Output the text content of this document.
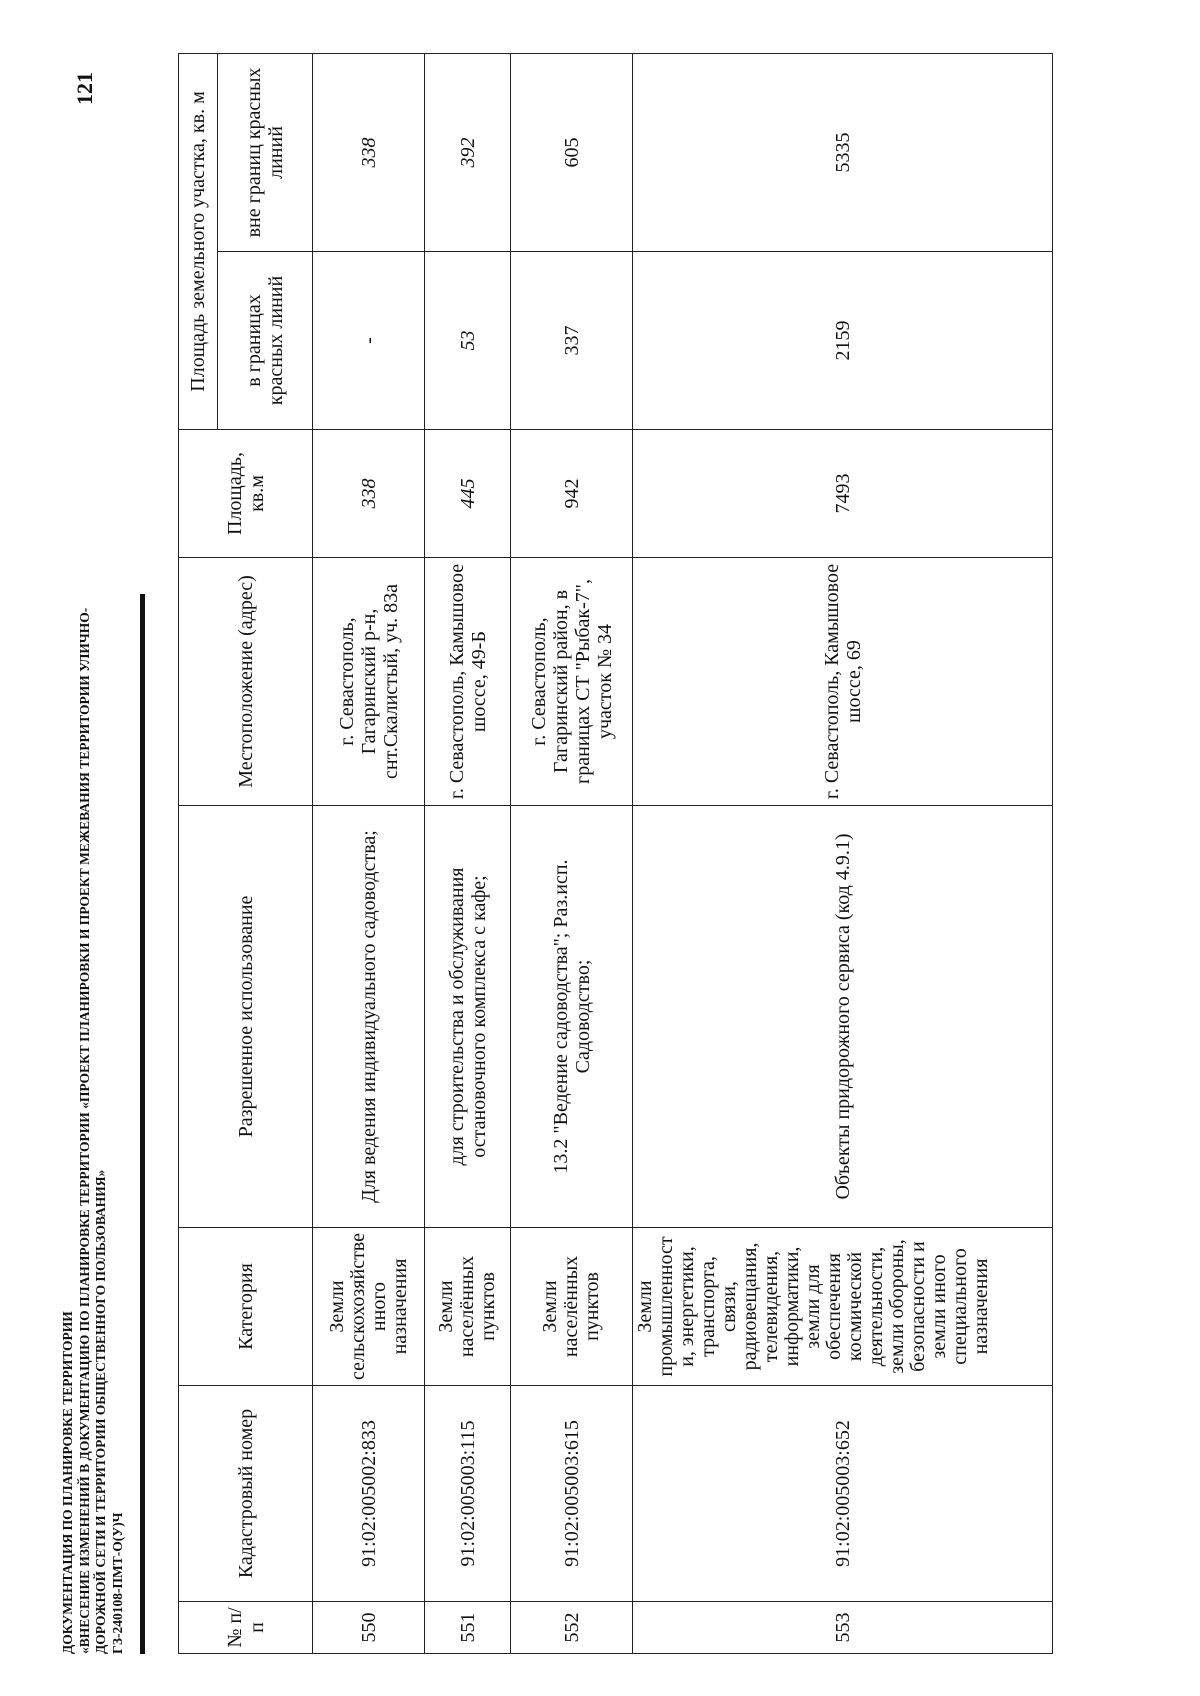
121
ДОКУМЕНТАЦИЯ ПО ПЛАНИРОВКЕ ТЕРРИТОРИИ «ВНЕСЕНИЕ ИЗМЕНЕНИЙ В ДОКУМЕНТАЦИЮ ПО ПЛАНИРОВКЕ ТЕРРИТОРИИ «ПРОЕКТ ПЛАНИРОВКИ И ПРОЕКТ МЕЖЕВАНИЯ ТЕРРИТОРИИ УЛИЧНО- ДОРОЖНОЙ СЕТИ И ТЕРРИТОРИИ ОБЩЕСТВЕННОГО ПОЛЬЗОВАНИЯ» ГЗ-240108-ПМТ-О(У)Ч	№ п/п	Кадастровый номер	Категория	Разрешенное использование	Местоположение (адрес)	Площадь, кв.м	Площадь земельного участка, кв. м	
						в границах красных линий	вне границ красных линий
550	91:02:005002:833	Земли сельскохозяйстве нного назначения	Для ведения индивидуального садоводства;	г. Севастополь, Гагаринский р-н, снт.Скалистый, уч. 83а	338	-	338
551	91:02:005003:115	Земли населённых пунктов	для строительства и обслуживания остановочного комплекса с кафе;	г. Севастополь, Камышовое шоссе, 49-Б	445	53	392
552	91:02:005003:615	Земли населённых пунктов	13.2 "Ведение садоводства"; Раз.исп. Садоводство;	г. Севастополь, Гагаринский район, в границах СТ "Рыбак-7", участок № 34	942	337	605
553	91:02:005003:652	Земли промышленност и, энергетики, транспорта, связи, радиовещания, телевидения, информатики, земли для обеспечения космической деятельности, земли обороны, безопасности и земли иного специального назначения	Объекты придорожного сервиса (код 4.9.1)	г. Севастополь, Камышовое шоссе, 69	7493	2159	5335
